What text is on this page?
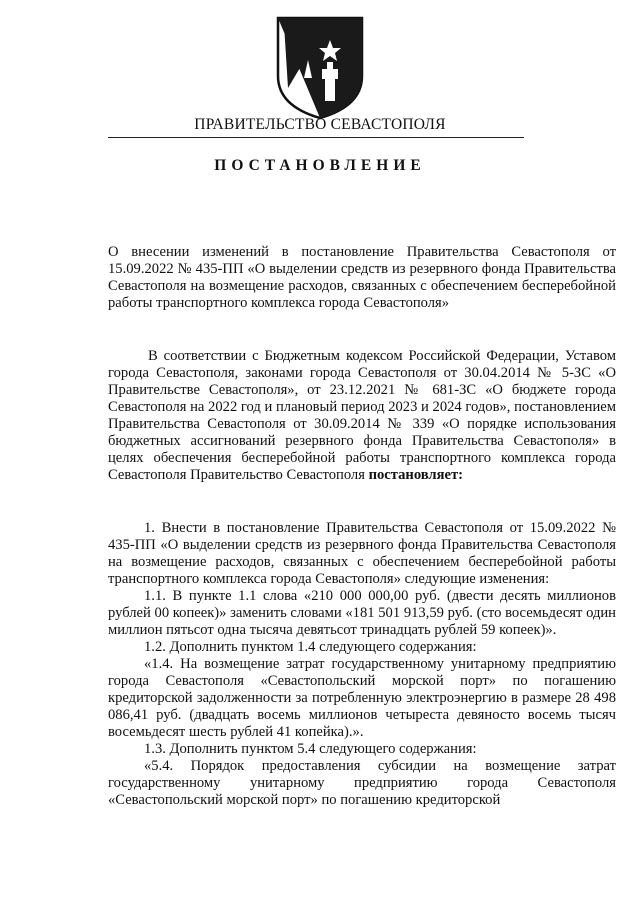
ПРАВИТЕЛЬСТВО СЕВАСТОПОЛЯ
ПОСТАНОВЛЕНИЕ
О внесении изменений в постановление Правительства Севастополя от 15.09.2022 № 435-ПП «О выделении средств из резервного фонда Правительства Севастополя на возмещение расходов, связанных с обеспечением бесперебойной работы транспортного комплекса города Севастополя»
В соответствии с Бюджетным кодексом Российской Федерации, Уставом города Севастополя, законами города Севастополя от 30.04.2014 № 5-ЗС «О Правительстве Севастополя», от 23.12.2021 № 681-ЗС «О бюджете города Севастополя на 2022 год и плановый период 2023 и 2024 годов», постановлением Правительства Севастополя от 30.09.2014 № 339 «О порядке использования бюджетных ассигнований резервного фонда Правительства Севастополя» в целях обеспечения бесперебойной работы транспортного комплекса города Севастополя Правительство Севастополя постановляет:

1. Внести в постановление Правительства Севастополя от 15.09.2022 № 435-ПП «О выделении средств из резервного фонда Правительства Севастополя на возмещение расходов, связанных с обеспечением бесперебойной работы транспортного комплекса города Севастополя» следующие изменения:

1.1. В пункте 1.1 слова «210 000 000,00 руб. (двести десять миллионов рублей 00 копеек)» заменить словами «181 501 913,59 руб. (сто восемьдесят один миллион пятьсот одна тысяча девятьсот тринадцать рублей 59 копеек)».

1.2. Дополнить пунктом 1.4 следующего содержания:

«1.4. На возмещение затрат государственному унитарному предприятию города Севастополя «Севастопольский морской порт» по погашению кредиторской задолженности за потребленную электроэнергию в размере 28 498 086,41 руб. (двадцать восемь миллионов четыреста девяносто восемь тысяч восемьдесят шесть рублей 41 копейка).».

1.3. Дополнить пунктом 5.4 следующего содержания:

«5.4. Порядок предоставления субсидии на возмещение затрат государственному унитарному предприятию города Севастополя «Севастопольский морской порт» по погашению кредиторской
